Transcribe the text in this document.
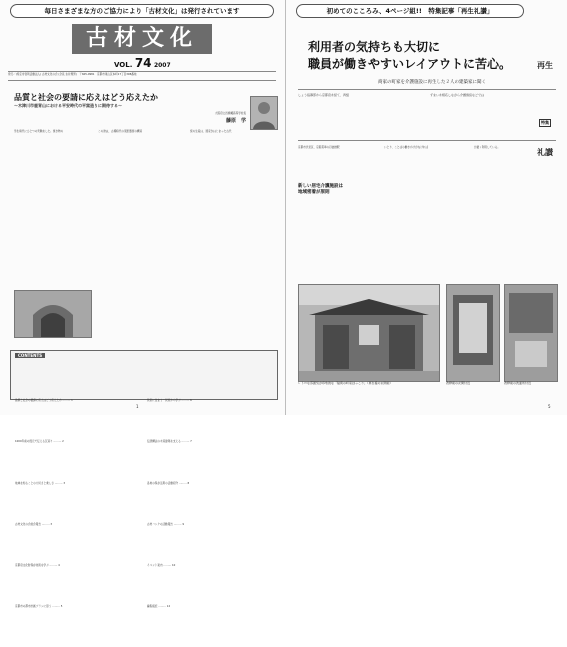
毎日さまざまな方のご協力により「古材文化」は発行されています
古材文化
VOL. 74 2007
発行／(特定非営利活動法人) 古材文化の会 (会長 永井規男)　〒605-0981　京都市東山区本町17丁目398番地
品質と社会の要請に応えはどう応えたか
〜木津川市鹿背山における平安時代の平窯造りに期待する〜
大阪府立四條畷高等学校長
藤原　学
学生時代にひとつの実験をした。焼き物の	この途は、古墳時代の須恵器窯の構造	窯の生産は、国家がはじまった古代
CONTENTS

品質と社会の要請に応えはどう応えたか ……… 1

1000年前の復元で伝える瓦造り ……… 2

地域を知ることの大切さと楽しさ ……… 3

古材文化の会総会報告 ……… 3

京都府文化財保存技術を学ぶ ……… 4

京都市の都市計画プランに思う ……… 5

民家に住まう・民家から学ぶ ……… 6

伝統構法の木造建築を支える ……… 7

各地の保存活用の活動紹介 ……… 8

古材バンクの活動報告 ……… 9

イベント案内 ……… 10

編集後記 ……… 12

1
初めてのこころみ、4ページ組!!　特集記事「再生礼讃」

再生

特集

礼讃

利用者の気持ちも大切に
職員が働きやすいレイアウトに苦心。
商家の町家を介護施設に再生した２人の建築家に聞く
しょう指導部から京都府を経て、再組	ずまいを相応しながら介護施設などでは
京都市伏見区、京阪電車の丹波橋駅	いとり、ことばの働きかけがなければ	が最く利用している。
新しい居宅介護施設は
地域密着が原則
レトロな雰囲気が印象的な「稲荷の町家ほっこり」（再生後の玄関前）	改修前の玄関付近	改修前の洗面所付近
5
